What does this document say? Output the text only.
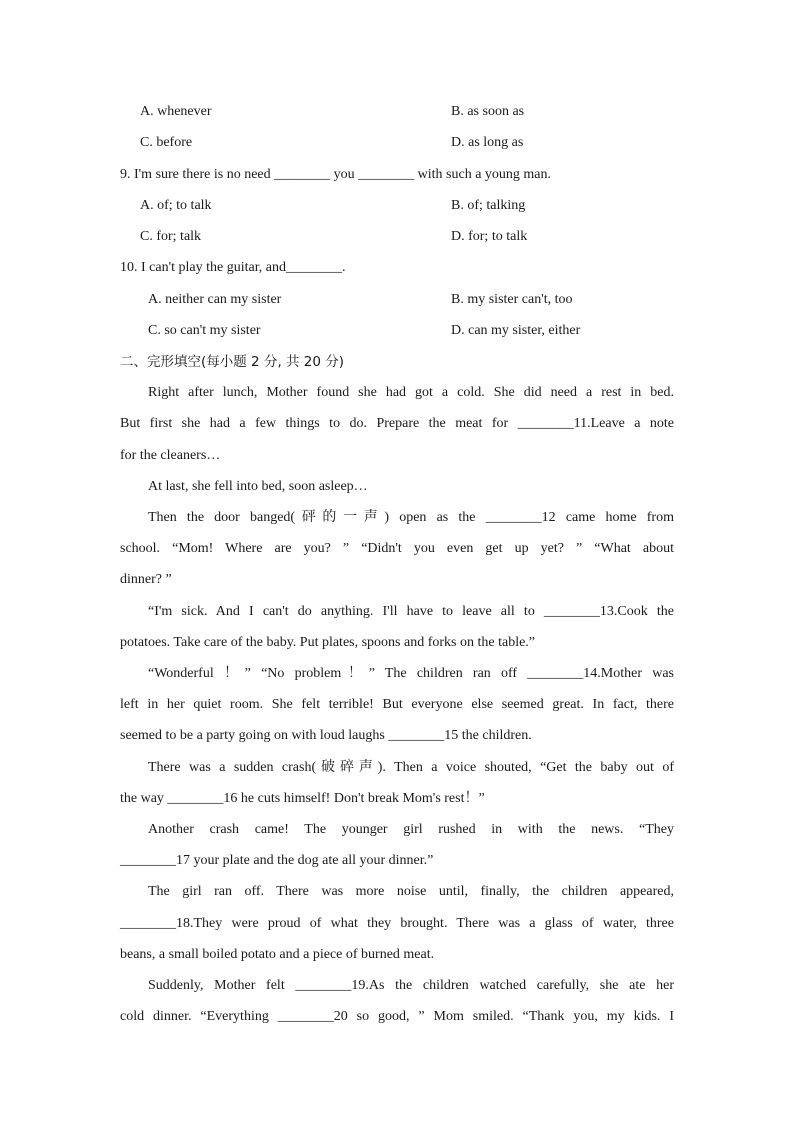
A. whenever	B. as soon as
C. before	D. as long as
9. I'm sure there is no need ________ you ________ with such a young man.
A. of; to talk	B. of; talking
C. for; talk	D. for; to talk
10. I can't play the guitar, and________.
A. neither can my sister	B. my sister can't, too
C. so can't my sister	D. can my sister, either
二、完形填空(每小题 2 分, 共 20 分)
Right after lunch, Mother found she had got a cold. She did need a rest in bed.
But first she had a few things to do. Prepare the meat for ________11.Leave a note
for the cleaners…
At last, she fell into bed, soon asleep…
Then the door banged(砰的一声) open as the ________12 came home from
school. “Mom! Where are you? ” “Didn't you even get up yet? ” “What about
dinner? ”
“I'm sick. And I can't do anything. I'll have to leave all to ________13.Cook the
potatoes. Take care of the baby. Put plates, spoons and forks on the table.”
“Wonderful ！” “No problem！” The children ran off ________14.Mother was
left in her quiet room. She felt terrible! But everyone else seemed great. In fact, there
seemed to be a party going on with loud laughs ________15 the children.
There was a sudden crash(破碎声). Then a voice shouted, “Get the baby out of
the way ________16 he cuts himself! Don't break Mom's rest！”
Another crash came! The younger girl rushed in with the news. “They
________17 your plate and the dog ate all your dinner.”
The girl ran off. There was more noise until, finally, the children appeared,
________18.They were proud of what they brought. There was a glass of water, three
beans, a small boiled potato and a piece of burned meat.
Suddenly, Mother felt ________19.As the children watched carefully, she ate her
cold dinner. “Everything ________20 so good, ” Mom smiled. “Thank you, my kids. I
